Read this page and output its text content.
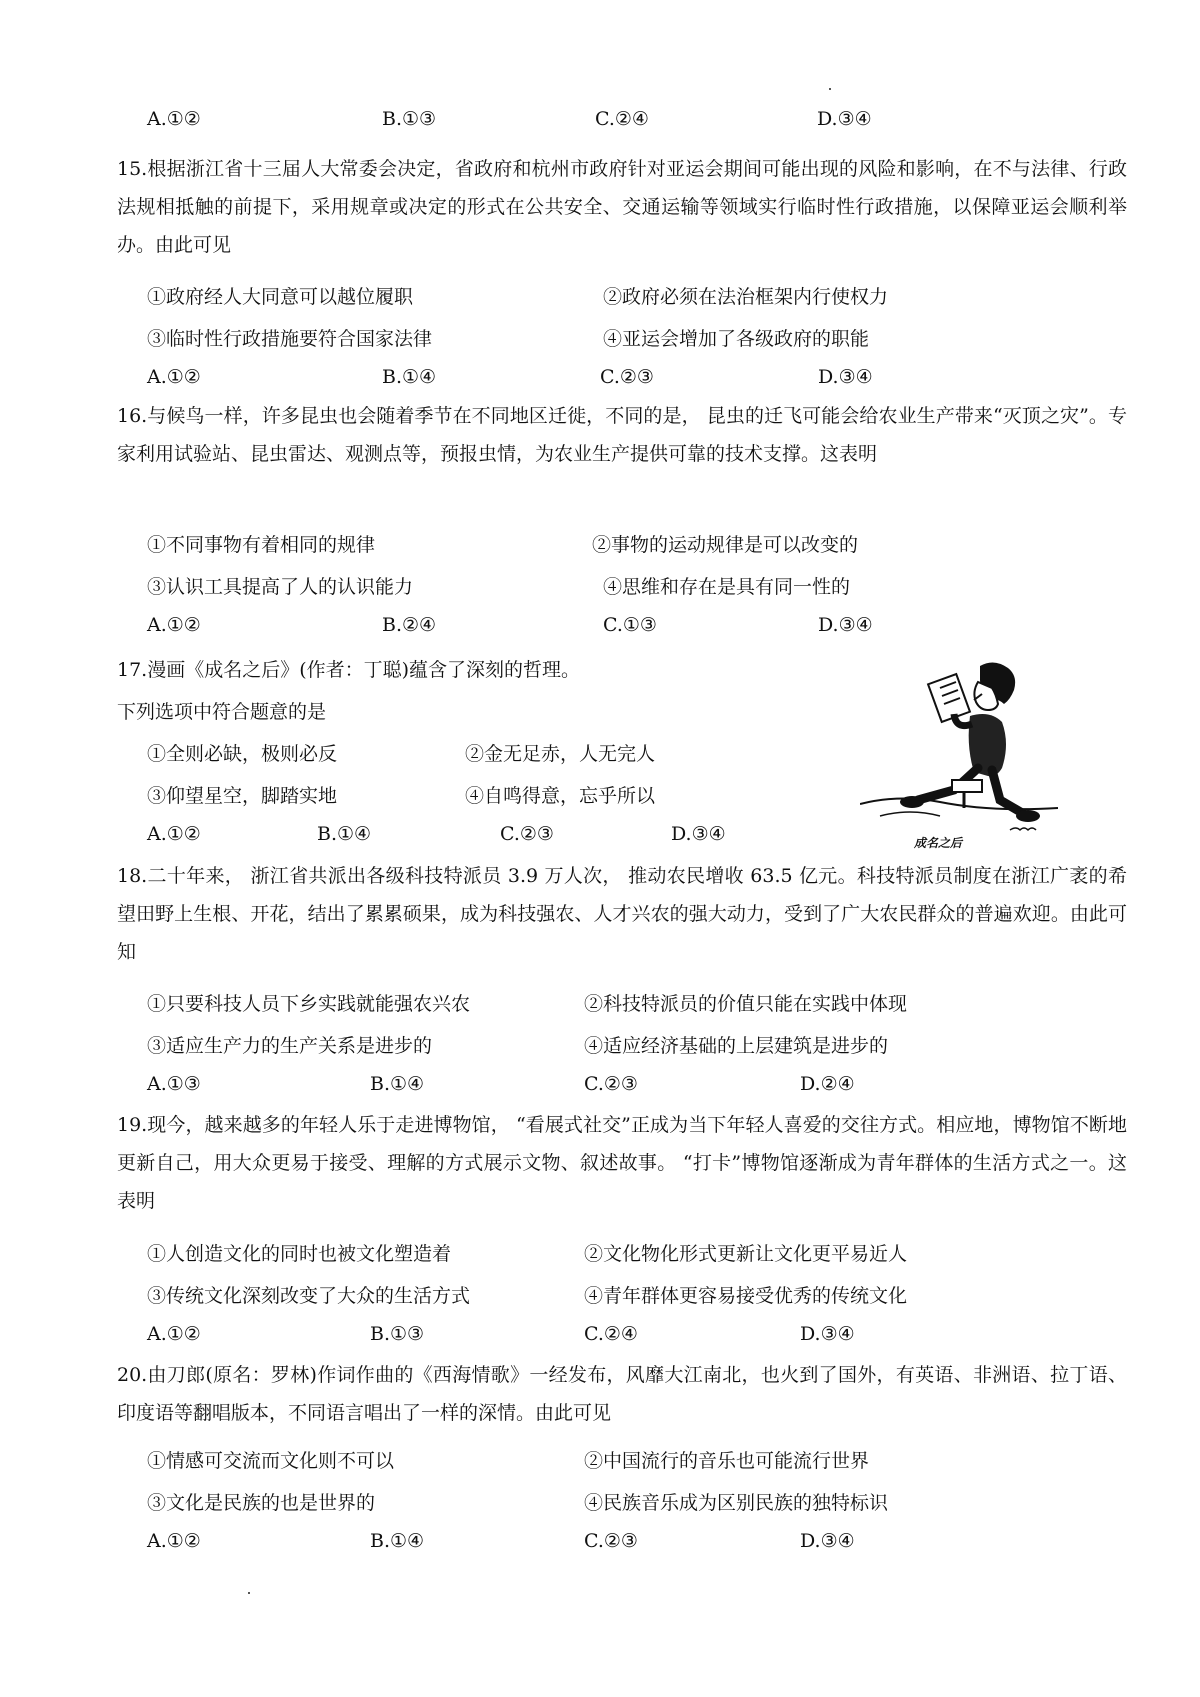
A.①②	B.①③	C.②④	D.③④
15.根据浙江省十三届人大常委会决定，省政府和杭州市政府针对亚运会期间可能出现的风险和影响，在不与法律、行政法规相抵触的前提下，采用规章或决定的形式在公共安全、交通运输等领域实行临时性行政措施，以保障亚运会顺利举办。由此可见
①政府经人大同意可以越位履职	②政府必须在法治框架内行使权力
③临时性行政措施要符合国家法律	④亚运会增加了各级政府的职能
A.①②	B.①④	C.②③	D.③④
16.与候鸟一样，许多昆虫也会随着季节在不同地区迁徙，不同的是， 昆虫的迁飞可能会给农业生产带来“灭顶之灾”。专家利用试验站、昆虫雷达、观测点等，预报虫情，为农业生产提供可靠的技术支撑。这表明
①不同事物有着相同的规律	②事物的运动规律是可以改变的
③认识工具提高了人的认识能力	④思维和存在是具有同一性的
A.①②	B.②④	C.①③	D.③④
17.漫画《成名之后》(作者：丁聪)蕴含了深刻的哲理。
下列选项中符合题意的是
①全则必缺，极则必反	②金无足赤，人无完人
③仰望星空，脚踏实地	④自鸣得意，忘乎所以
A.①②	B.①④	C.②③	D.③④	成名之后
18.二十年来， 浙江省共派出各级科技特派员 3.9 万人次， 推动农民增收 63.5 亿元。科技特派员制度在浙江广袤的希望田野上生根、开花，结出了累累硕果，成为科技强农、人才兴农的强大动力，受到了广大农民群众的普遍欢迎。由此可知
①只要科技人员下乡实践就能强农兴农	②科技特派员的价值只能在实践中体现
③适应生产力的生产关系是进步的	④适应经济基础的上层建筑是进步的
A.①③	B.①④	C.②③	D.②④
19.现今，越来越多的年轻人乐于走进博物馆， “看展式社交”正成为当下年轻人喜爱的交往方式。相应地，博物馆不断地更新自己，用大众更易于接受、理解的方式展示文物、叙述故事。 “打卡”博物馆逐渐成为青年群体的生活方式之一。这表明
①人创造文化的同时也被文化塑造着	②文化物化形式更新让文化更平易近人
③传统文化深刻改变了大众的生活方式	④青年群体更容易接受优秀的传统文化
A.①②	B.①③	C.②④	D.③④
20.由刀郎(原名：罗林)作词作曲的《西海情歌》一经发布，风靡大江南北，也火到了国外，有英语、非洲语、拉丁语、印度语等翻唱版本，不同语言唱出了一样的深情。由此可见
①情感可交流而文化则不可以	②中国流行的音乐也可能流行世界
③文化是民族的也是世界的	④民族音乐成为区别民族的独特标识
A.①②	B.①④	C.②③	D.③④
